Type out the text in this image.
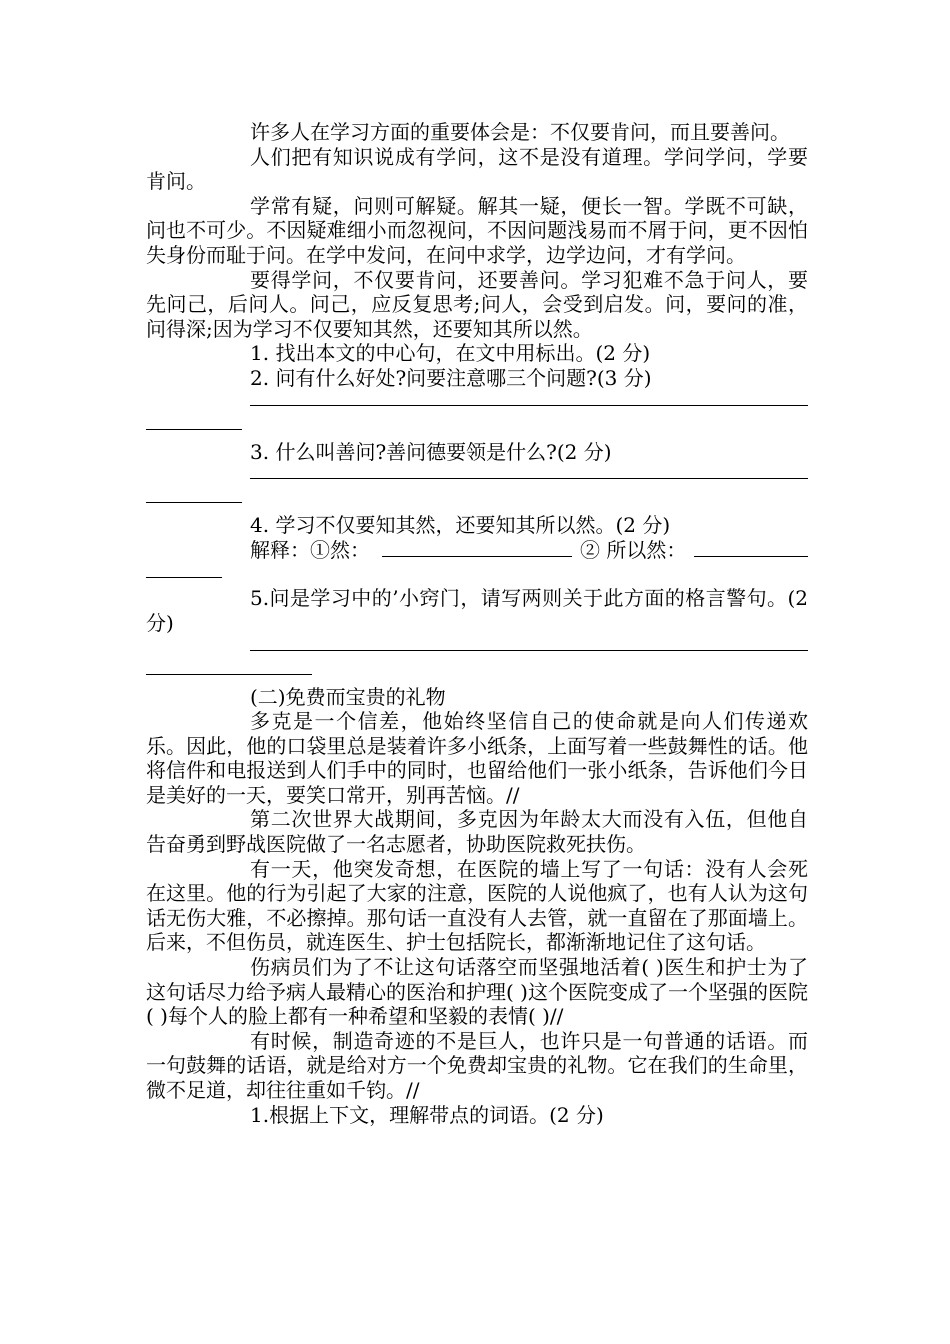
许多人在学习方面的重要体会是：不仅要肯问，而且要善问。

人们把有知识说成有学问，这不是没有道理。学问学问，学要肯问。

学常有疑，问则可解疑。解其一疑，便长一智。学既不可缺，问也不可少。不因疑难细小而忽视问，不因问题浅易而不屑于问，更不因怕失身份而耻于问。在学中发问，在问中求学，边学边问，才有学问。

要得学问，不仅要肯问，还要善问。学习犯难不急于问人，要先问己，后问人。问己，应反复思考;问人，会受到启发。问，要问的准，问得深;因为学习不仅要知其然，还要知其所以然。

1. 找出本文的中心句，在文中用标出。(2 分)

2. 问有什么好处?问要注意哪三个问题?(3 分)

3. 什么叫善问?善问德要领是什么?(2 分)

4. 学习不仅要知其然，还要知其所以然。(2 分)

解释：①然：	② 所以然：

5.问是学习中的’小窍门，请写两则关于此方面的格言警句。(2 分)

(二)免费而宝贵的礼物

多克是一个信差，他始终坚信自己的使命就是向人们传递欢乐。因此，他的口袋里总是装着许多小纸条，上面写着一些鼓舞性的话。他将信件和电报送到人们手中的同时，也留给他们一张小纸条，告诉他们今日是美好的一天，要笑口常开，别再苦恼。//

第二次世界大战期间，多克因为年龄太大而没有入伍，但他自告奋勇到野战医院做了一名志愿者，协助医院救死扶伤。

有一天，他突发奇想，在医院的墙上写了一句话：没有人会死在这里。他的行为引起了大家的注意，医院的人说他疯了，也有人认为这句话无伤大雅，不必擦掉。那句话一直没有人去管，就一直留在了那面墙上。后来，不但伤员，就连医生、护士包括院长，都渐渐地记住了这句话。

伤病员们为了不让这句话落空而坚强地活着( )医生和护士为了这句话尽力给予病人最精心的医治和护理( )这个医院变成了一个坚强的医院( )每个人的脸上都有一种希望和坚毅的表情( )//

有时候，制造奇迹的不是巨人，也许只是一句普通的话语。而一句鼓舞的话语，就是给对方一个免费却宝贵的礼物。它在我们的生命里，微不足道，却往往重如千钧。//

1.根据上下文，理解带点的词语。(2 分)
